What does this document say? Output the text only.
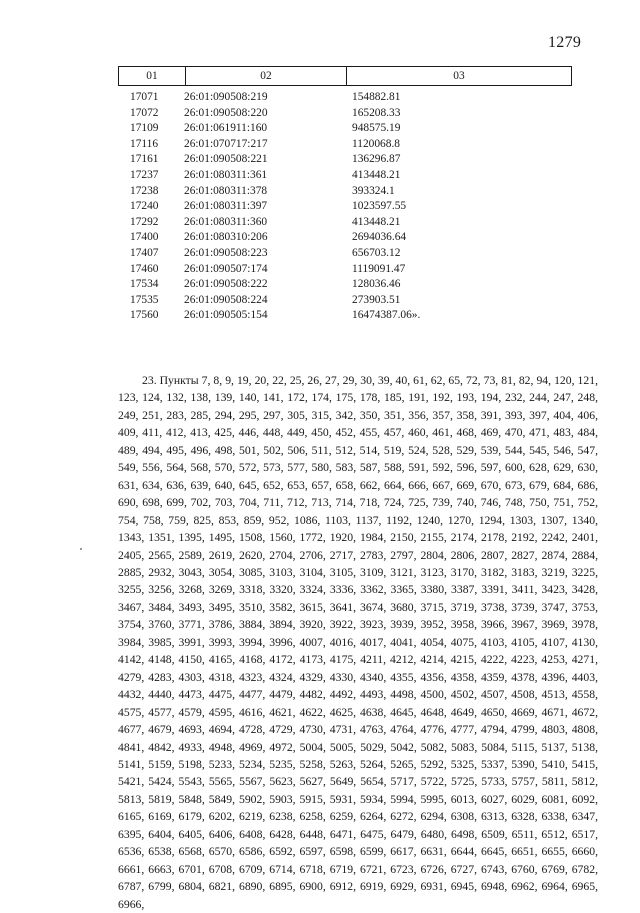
1279
01	02	03
17071	26:01:090508:219	154882.81
17072	26:01:090508:220	165208.33
17109	26:01:061911:160	948575.19
17116	26:01:070717:217	1120068.8
17161	26:01:090508:221	136296.87
17237	26:01:080311:361	413448.21
17238	26:01:080311:378	393324.1
17240	26:01:080311:397	1023597.55
17292	26:01:080311:360	413448.21
17400	26:01:080310:206	2694036.64
17407	26:01:090508:223	656703.12
17460	26:01:090507:174	1119091.47
17534	26:01:090508:222	128036.46
17535	26:01:090508:224	273903.51
17560	26:01:090505:154	16474387.06».

23. Пункты 7, 8, 9, 19, 20, 22, 25, 26, 27, 29, 30, 39, 40, 61, 62, 65, 72, 73, 81, 82, 94, 120, 121, 123, 124, 132, 138, 139, 140, 141, 172, 174, 175, 178, 185, 191, 192, 193, 194, 232, 244, 247, 248, 249, 251, 283, 285, 294, 295, 297, 305, 315, 342, 350, 351, 356, 357, 358, 391, 393, 397, 404, 406, 409, 411, 412, 413, 425, 446, 448, 449, 450, 452, 455, 457, 460, 461, 468, 469, 470, 471, 483, 484, 489, 494, 495, 496, 498, 501, 502, 506, 511, 512, 514, 519, 524, 528, 529, 539, 544, 545, 546, 547, 549, 556, 564, 568, 570, 572, 573, 577, 580, 583, 587, 588, 591, 592, 596, 597, 600, 628, 629, 630, 631, 634, 636, 639, 640, 645, 652, 653, 657, 658, 662, 664, 666, 667, 669, 670, 673, 679, 684, 686, 690, 698, 699, 702, 703, 704, 711, 712, 713, 714, 718, 724, 725, 739, 740, 746, 748, 750, 751, 752, 754, 758, 759, 825, 853, 859, 952, 1086, 1103, 1137, 1192, 1240, 1270, 1294, 1303, 1307, 1340, 1343, 1351, 1395, 1495, 1508, 1560, 1772, 1920, 1984, 2150, 2155, 2174, 2178, 2192, 2242, 2401, 2405, 2565, 2589, 2619, 2620, 2704, 2706, 2717, 2783, 2797, 2804, 2806, 2807, 2827, 2874, 2884, 2885, 2932, 3043, 3054, 3085, 3103, 3104, 3105, 3109, 3121, 3123, 3170, 3182, 3183, 3219, 3225, 3255, 3256, 3268, 3269, 3318, 3320, 3324, 3336, 3362, 3365, 3380, 3387, 3391, 3411, 3423, 3428, 3467, 3484, 3493, 3495, 3510, 3582, 3615, 3641, 3674, 3680, 3715, 3719, 3738, 3739, 3747, 3753, 3754, 3760, 3771, 3786, 3884, 3894, 3920, 3922, 3923, 3939, 3952, 3958, 3966, 3967, 3969, 3978, 3984, 3985, 3991, 3993, 3994, 3996, 4007, 4016, 4017, 4041, 4054, 4075, 4103, 4105, 4107, 4130, 4142, 4148, 4150, 4165, 4168, 4172, 4173, 4175, 4211, 4212, 4214, 4215, 4222, 4223, 4253, 4271, 4279, 4283, 4303, 4318, 4323, 4324, 4329, 4330, 4340, 4355, 4356, 4358, 4359, 4378, 4396, 4403, 4432, 4440, 4473, 4475, 4477, 4479, 4482, 4492, 4493, 4498, 4500, 4502, 4507, 4508, 4513, 4558, 4575, 4577, 4579, 4595, 4616, 4621, 4622, 4625, 4638, 4645, 4648, 4649, 4650, 4669, 4671, 4672, 4677, 4679, 4693, 4694, 4728, 4729, 4730, 4731, 4763, 4764, 4776, 4777, 4794, 4799, 4803, 4808, 4841, 4842, 4933, 4948, 4969, 4972, 5004, 5005, 5029, 5042, 5082, 5083, 5084, 5115, 5137, 5138, 5141, 5159, 5198, 5233, 5234, 5235, 5258, 5263, 5264, 5265, 5292, 5325, 5337, 5390, 5410, 5415, 5421, 5424, 5543, 5565, 5567, 5623, 5627, 5649, 5654, 5717, 5722, 5725, 5733, 5757, 5811, 5812, 5813, 5819, 5848, 5849, 5902, 5903, 5915, 5931, 5934, 5994, 5995, 6013, 6027, 6029, 6081, 6092, 6165, 6169, 6179, 6202, 6219, 6238, 6258, 6259, 6264, 6272, 6294, 6308, 6313, 6328, 6338, 6347, 6395, 6404, 6405, 6406, 6408, 6428, 6448, 6471, 6475, 6479, 6480, 6498, 6509, 6511, 6512, 6517, 6536, 6538, 6568, 6570, 6586, 6592, 6597, 6598, 6599, 6617, 6631, 6644, 6645, 6651, 6655, 6660, 6661, 6663, 6701, 6708, 6709, 6714, 6718, 6719, 6721, 6723, 6726, 6727, 6743, 6760, 6769, 6782, 6787, 6799, 6804, 6821, 6890, 6895, 6900, 6912, 6919, 6929, 6931, 6945, 6948, 6962, 6964, 6965, 6966,
